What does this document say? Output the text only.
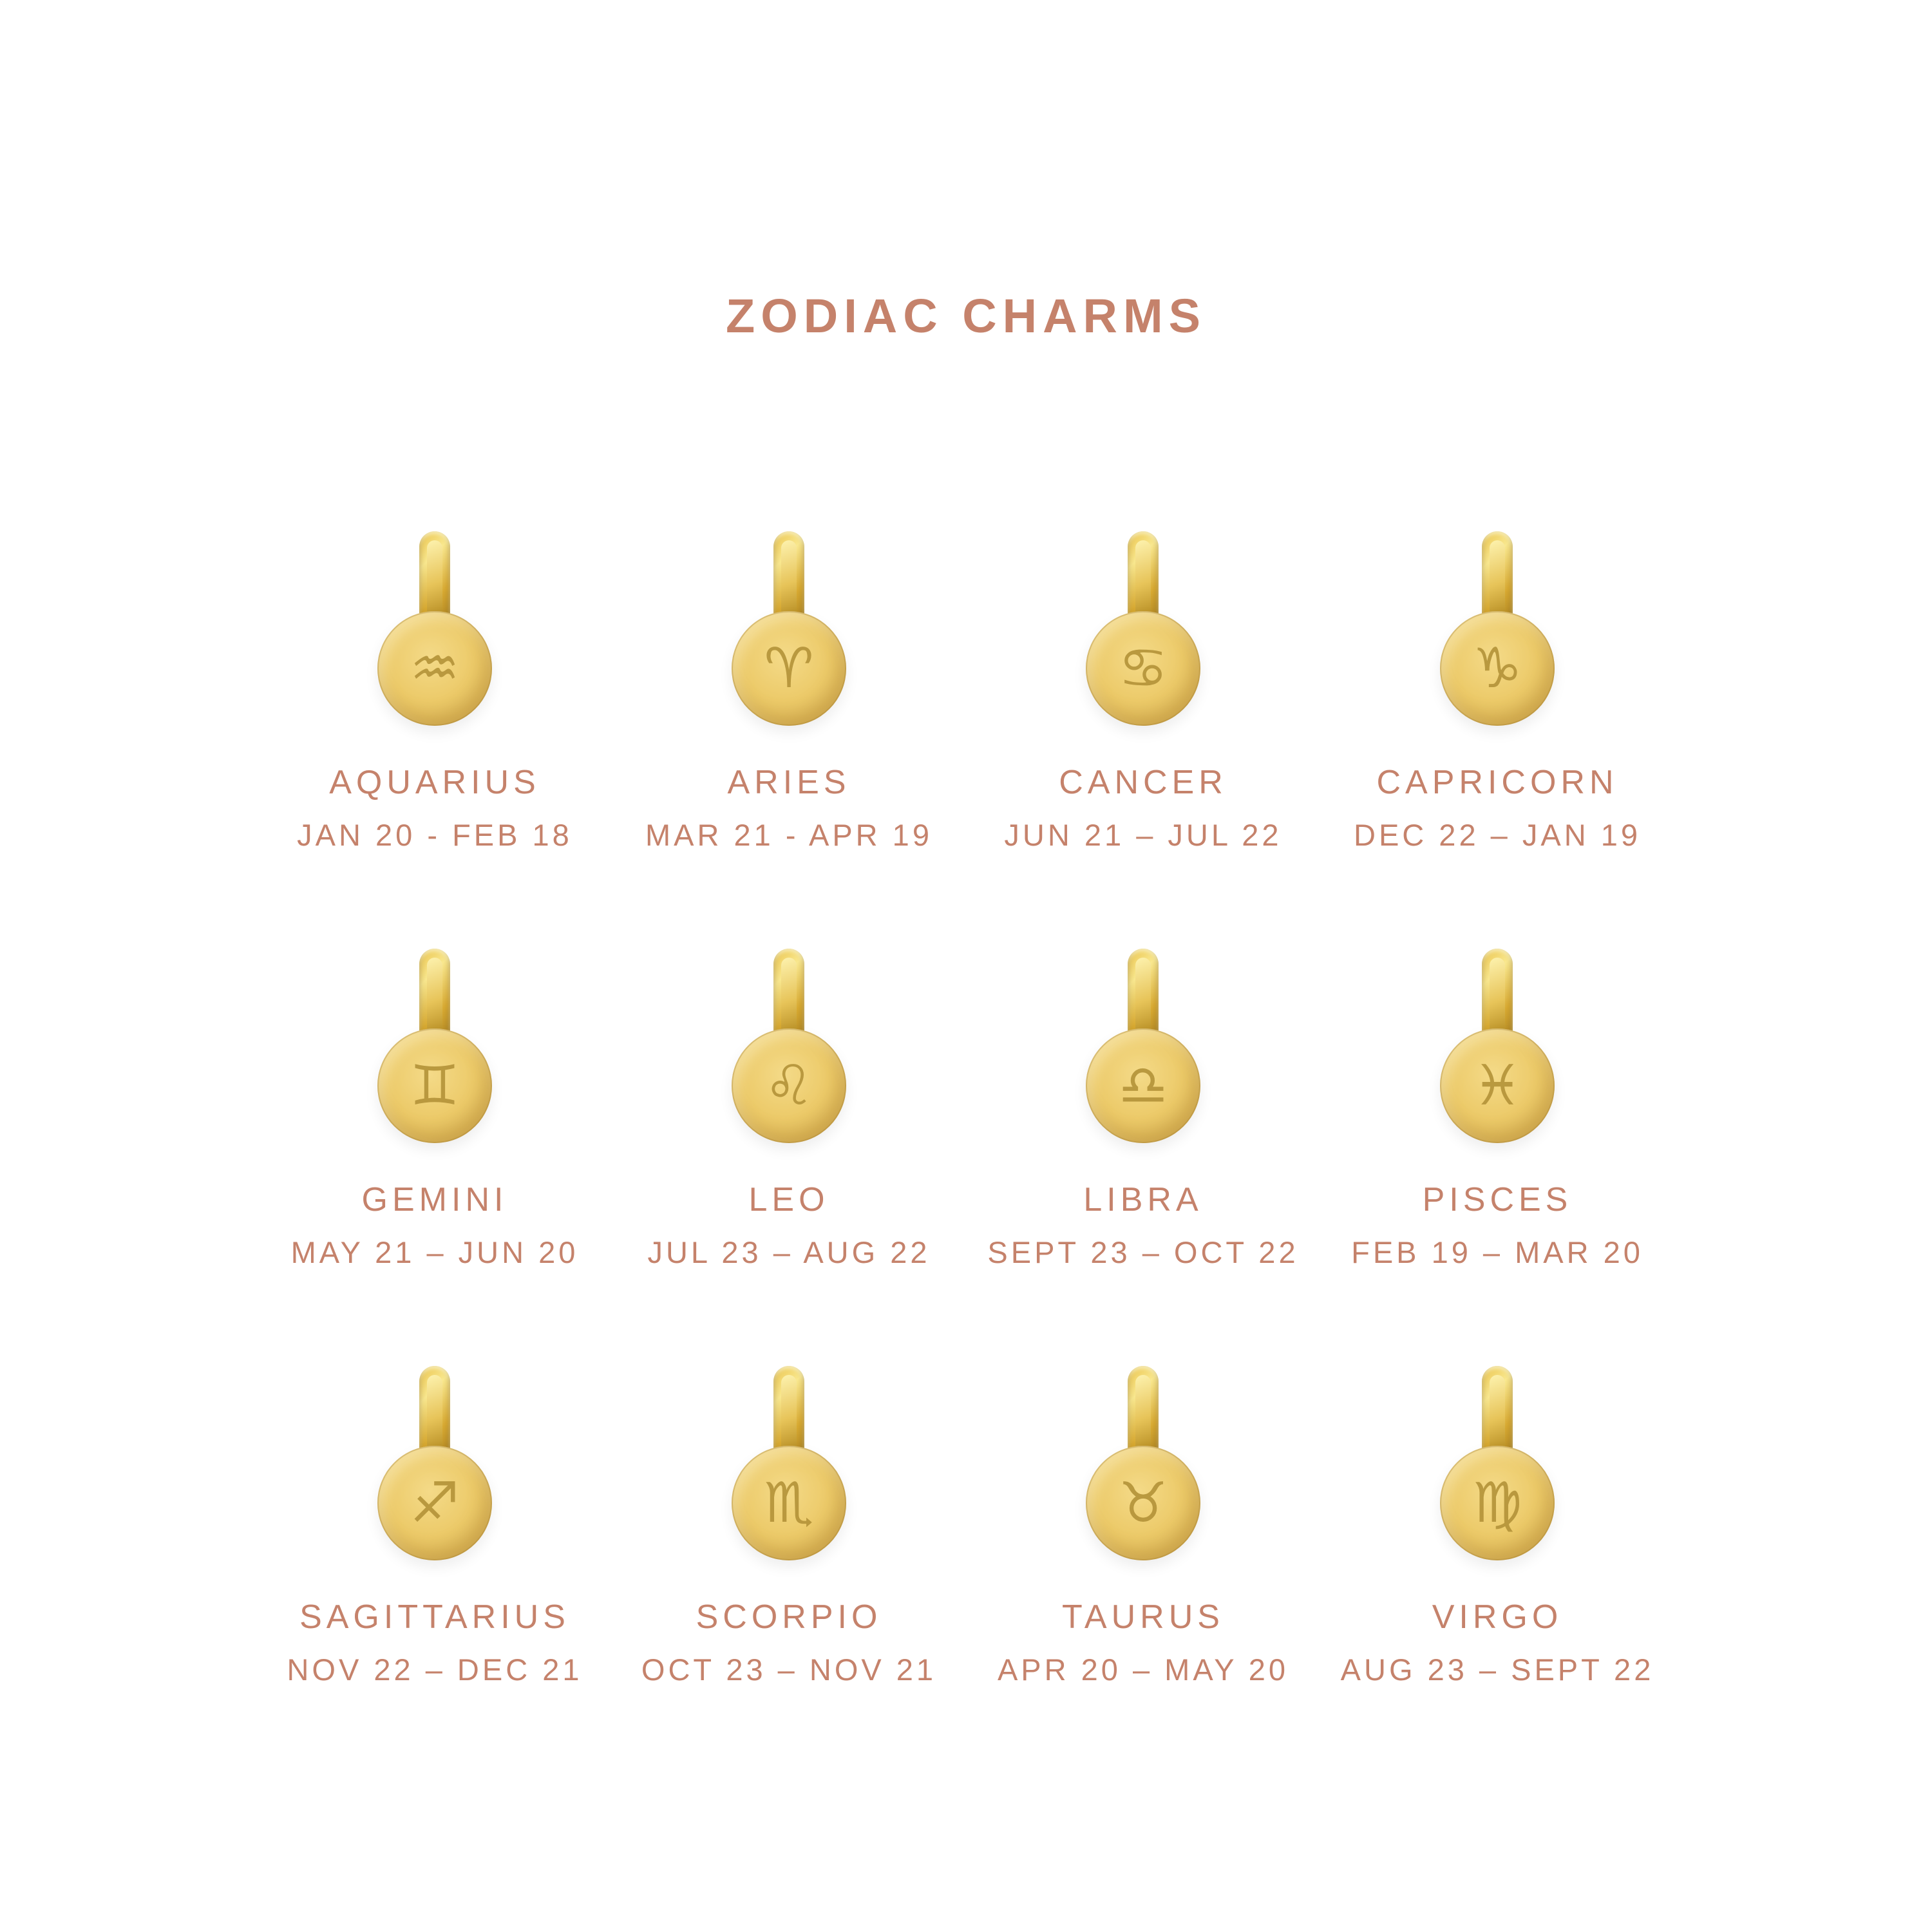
ZODIAC CHARMS
♒
AQUARIUS
JAN 20 - FEB 18
♈
ARIES
MAR 21 - APR 19
♋
CANCER
JUN 21 – JUL 22
♑
CAPRICORN
DEC 22 – JAN 19
♊
GEMINI
MAY 21 – JUN 20
♌
LEO
JUL 23 – AUG 22
♎
LIBRA
SEPT 23 – OCT 22
♓
PISCES
FEB 19 – MAR 20
♐
SAGITTARIUS
NOV 22 – DEC 21
♏
SCORPIO
OCT 23 – NOV 21
♉
TAURUS
APR 20 – MAY 20
♍
VIRGO
AUG 23 – SEPT 22
